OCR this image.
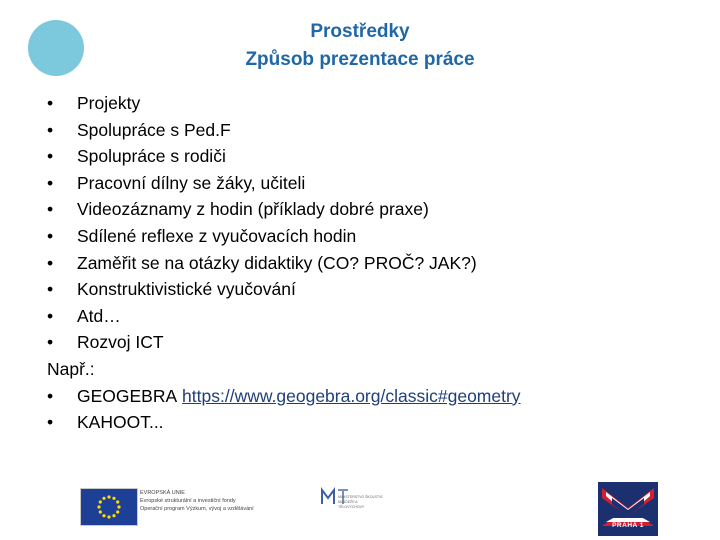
Prostředky
Způsob prezentace práce
•	Projekty
•	Spolupráce s Ped.F
•	Spolupráce s rodiči
•	Pracovní dílny se žáky, učiteli
•	Videozáznamy z hodin (příklady dobré praxe)
•	Sdílené reflexe z vyučovacích hodin
•	Zaměřit se na otázky didaktiky (CO? PROČ? JAK?)
•	Konstruktivistické vyučování
•	Atd…
•	Rozvoj ICT
Např.:
•	GEOGEBRA
https://www.geogebra.org/classic#geometry
•	KAHOOT...
EVROPSKÁ UNIE
Evropské strukturální a investiční fondy
Operační program Výzkum, vývoj a vzdělávání
MINISTERSTVO ŠKOLSTVÍ, MLÁDEŽE A TĚLOVÝCHOVY
PRAHA 1
